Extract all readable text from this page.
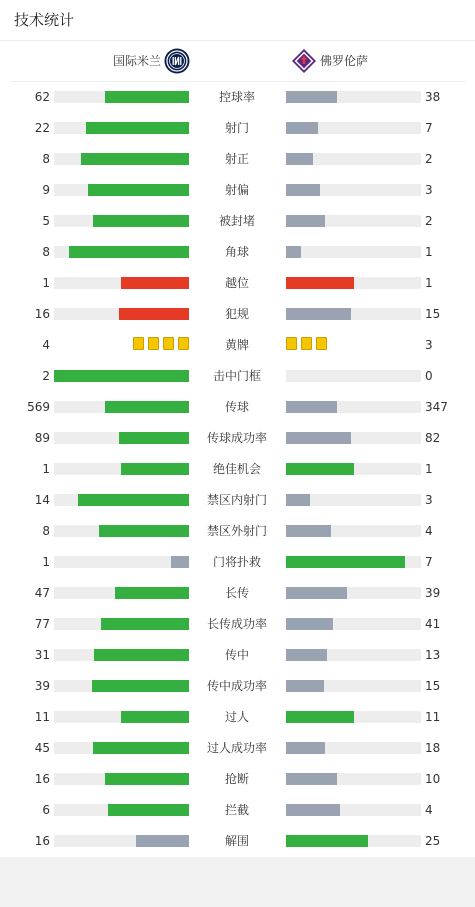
技术统计
国际米兰	佛罗伦萨
62	控球率	38
22	射门	7
8	射正	2
9	射偏	3
5	被封堵	2
8	角球	1
1	越位	1
16	犯规	15
4	黄牌	3
2	击中门框	0
569	传球	347
89	传球成功率	82
1	绝佳机会	1
14	禁区内射门	3
8	禁区外射门	4
1	门将扑救	7
47	长传	39
77	长传成功率	41
31	传中	13
39	传中成功率	15
11	过人	11
45	过人成功率	18
16	抢断	10
6	拦截	4
16	解围	25
